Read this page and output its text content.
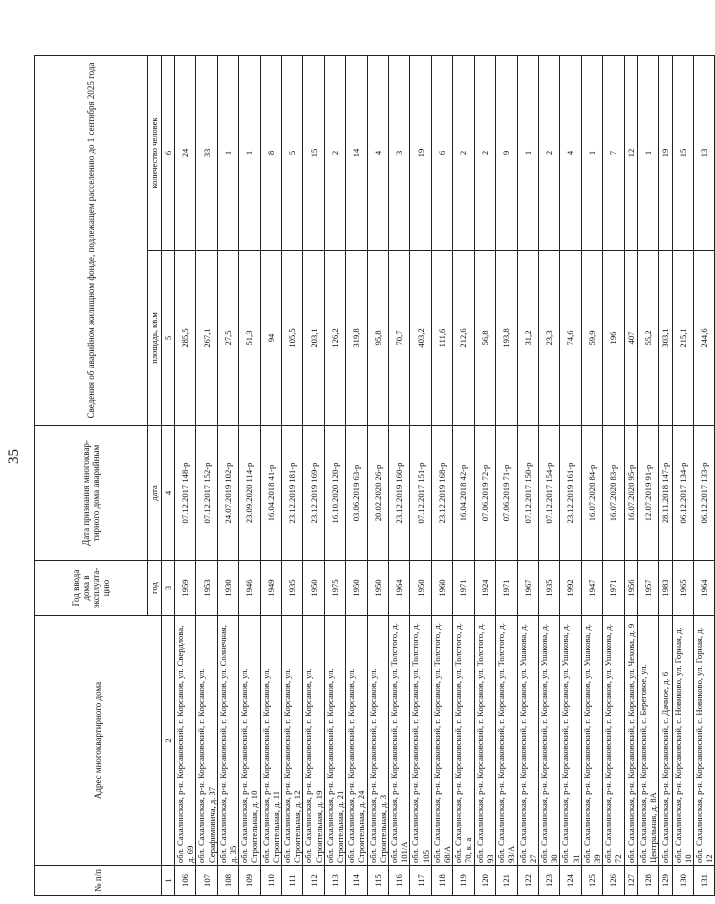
35
№ п/п	Адрес многоквартирного дома	Год ввода дома в эксплуата-цию	Дата признания многоквар-тирного дома аварийным	Сведения об аварийном жилищном фонде, подлежащем расселению до 1 сентября 2025 года	
		год	дата	площадь, кв.м	количество человек
1	2	3	4	5	6
106	обл. Сахалинская, р-н. Корсаковский, г. Корсаков, ул. Свердлова, д. 69	1959	07.12.2017 148-р	285,5	24
107	обл. Сахалинская, р-н. Корсаковский, г. Корсаков, ул. Серафимовича, д. 37	1953	07.12.2017 152-р	267,1	33
108	обл. Сахалинская, р-н. Корсаковский, г. Корсаков, ул. Солнечная, д. 35	1930	24.07.2019 102-р	27,5	1
109	обл. Сахалинская, р-н. Корсаковский, г. Корсаков, ул. Строительная, д. 10	1946	23.09.2020 114-р	51,3	1
110	обл. Сахалинская, р-н. Корсаковский, г. Корсаков, ул. Строительная, д. 11	1949	16.04.2018 41-р	94	8
111	обл. Сахалинская, р-н. Корсаковский, г. Корсаков, ул. Строительная, д. 12	1935	23.12.2019 181-р	105,5	5
112	обл. Сахалинская, р-н. Корсаковский, г. Корсаков, ул. Строительная, д. 19	1950	23.12.2019 169-р	203,1	15
113	обл. Сахалинская, р-н. Корсаковский, г. Корсаков, ул. Строительная, д. 21	1975	16.10.2020 120-р	126,2	2
114	обл. Сахалинская, р-н. Корсаковский, г. Корсаков, ул. Строительная, д. 24	1950	03.06.2019 63-р	319,8	14
115	обл. Сахалинская, р-н. Корсаковский, г. Корсаков, ул. Строительная, д. 3	1950	20.02.2020 26-р	95,8	4
116	обл. Сахалинская, р-н. Корсаковский, г. Корсаков, ул. Толстого, д. 101/А	1964	23.12.2019 160-р	70,7	3
117	обл. Сахалинская, р-н. Корсаковский, г. Корсаков, ул. Толстого, д. 105	1950	07.12.2017 151-р	403,2	19
118	обл. Сахалинская, р-н. Корсаковский, г. Корсаков, ул. Толстого, д. 68/А	1960	23.12.2019 168-р	111,6	6
119	обл. Сахалинская, р-н. Корсаковский, г. Корсаков, ул. Толстого, д. 70, к. а	1971	16.04.2018 42-р	212,6	2
120	обл. Сахалинская, р-н. Корсаковский, г. Корсаков, ул. Толстого, д. 93	1924	07.06.2019 72-р	56,8	2
121	обл. Сахалинская, р-н. Корсаковский, г. Корсаков, ул. Толстого, д. 93/А	1971	07.06.2019 71-р	193,8	9
122	обл. Сахалинская, р-н. Корсаковский, г. Корсаков, ул. Ушакова, д. 27	1967	07.12.2017 150-р	31,2	1
123	обл. Сахалинская, р-н. Корсаковский, г. Корсаков, ул. Ушакова, д. 30	1935	07.12.2017 154-р	23,3	2
124	обл. Сахалинская, р-н. Корсаковский, г. Корсаков, ул. Ушакова, д. 31	1992	23.12.2019 161-р	74,6	4
125	обл. Сахалинская, р-н. Корсаковский, г. Корсаков, ул. Ушакова, д. 39	1947	16.07.2020 84-р	59,9	1
126	обл. Сахалинская, р-н. Корсаковский, г. Корсаков, ул. Ушакова, д. 72	1971	16.07.2020 83-р	196	7
127	обл. Сахалинская, р-н. Корсаковский, г. Корсаков, ул. Чехова, д. 9	1956	16.07.2020 95-р	407	12
128	обл. Сахалинская, р-н. Корсаковский, с. Береговое, ул. Центральная, д. 8А	1957	12.07.2019 91-р	55,2	1
129	обл. Сахалинская, р-н. Корсаковский, с. Дачное, д. 6	1983	28.11.2018 147-р	303,1	19
130	обл. Сахалинская, р-н. Корсаковский, с. Новиково, ул. Горная, д. 10	1965	06.12.2017 134-р	215,1	15
131	обл. Сахалинская, р-н. Корсаковский, с. Новиково, ул. Горная, д. 12	1964	06.12.2017 133-р	244,6	13
